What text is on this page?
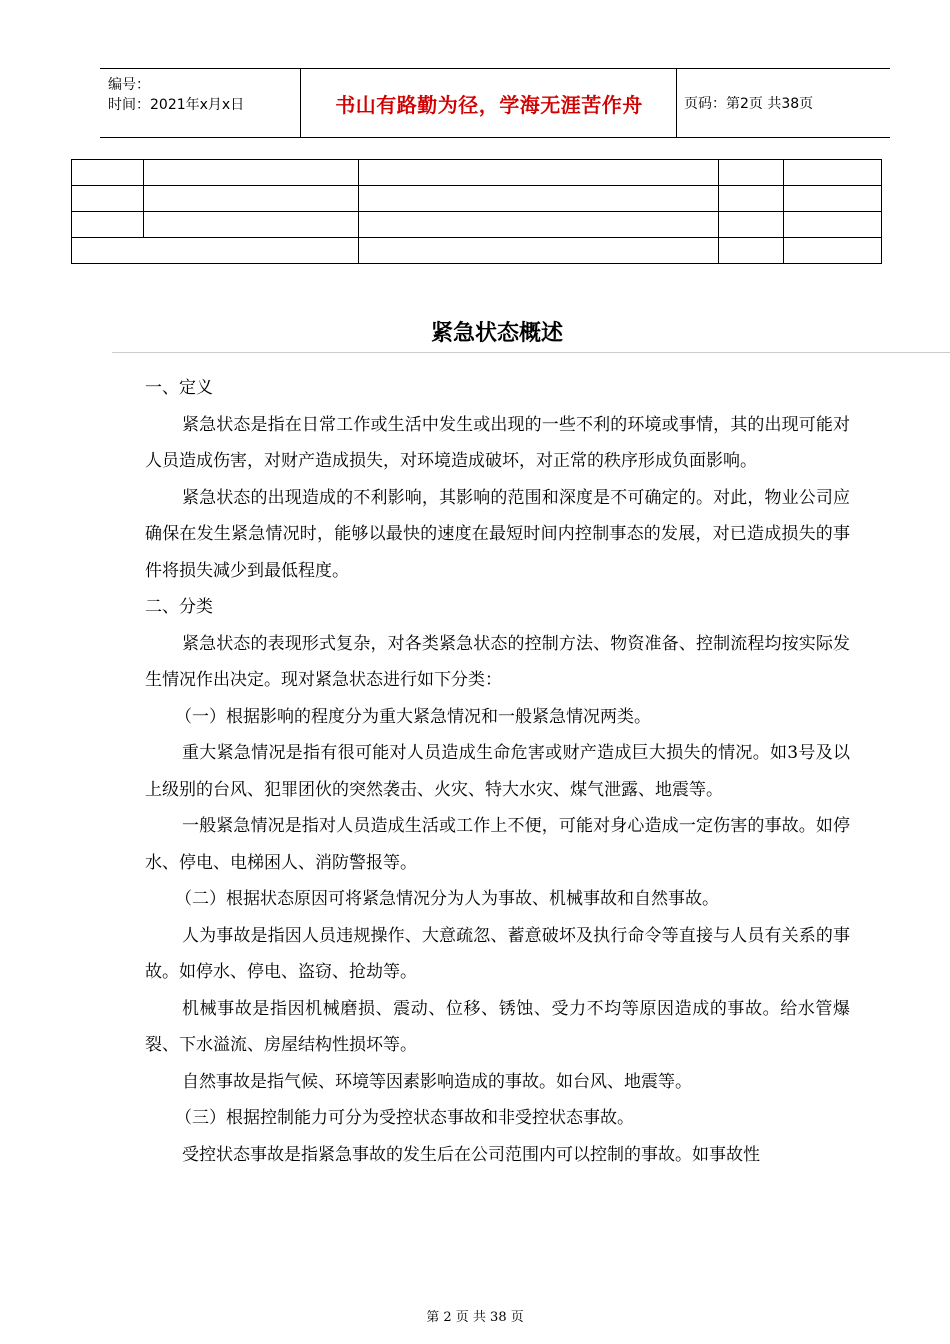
编号：
时间：2021年x月x日	书山有路勤为径，学海无涯苦作舟	页码：第2页 共38页

紧急状态概述

一、定义

紧急状态是指在日常工作或生活中发生或出现的一些不利的环境或事情，其的出现可能对人员造成伤害，对财产造成损失，对环境造成破坏，对正常的秩序形成负面影响。

紧急状态的出现造成的不利影响，其影响的范围和深度是不可确定的。对此，物业公司应确保在发生紧急情况时，能够以最快的速度在最短时间内控制事态的发展，对已造成损失的事件将损失减少到最低程度。

二、分类

紧急状态的表现形式复杂，对各类紧急状态的控制方法、物资准备、控制流程均按实际发生情况作出决定。现对紧急状态进行如下分类：

（一）根据影响的程度分为重大紧急情况和一般紧急情况两类。

重大紧急情况是指有很可能对人员造成生命危害或财产造成巨大损失的情况。如3号及以上级别的台风、犯罪团伙的突然袭击、火灾、特大水灾、煤气泄露、地震等。

一般紧急情况是指对人员造成生活或工作上不便，可能对身心造成一定伤害的事故。如停水、停电、电梯困人、消防警报等。

（二）根据状态原因可将紧急情况分为人为事故、机械事故和自然事故。

人为事故是指因人员违规操作、大意疏忽、蓄意破坏及执行命令等直接与人员有关系的事故。如停水、停电、盗窃、抢劫等。

机械事故是指因机械磨损、震动、位移、锈蚀、受力不均等原因造成的事故。给水管爆裂、下水溢流、房屋结构性损坏等。

自然事故是指气候、环境等因素影响造成的事故。如台风、地震等。

（三）根据控制能力可分为受控状态事故和非受控状态事故。

受控状态事故是指紧急事故的发生后在公司范围内可以控制的事故。如事故性

第 2 页 共 38 页
